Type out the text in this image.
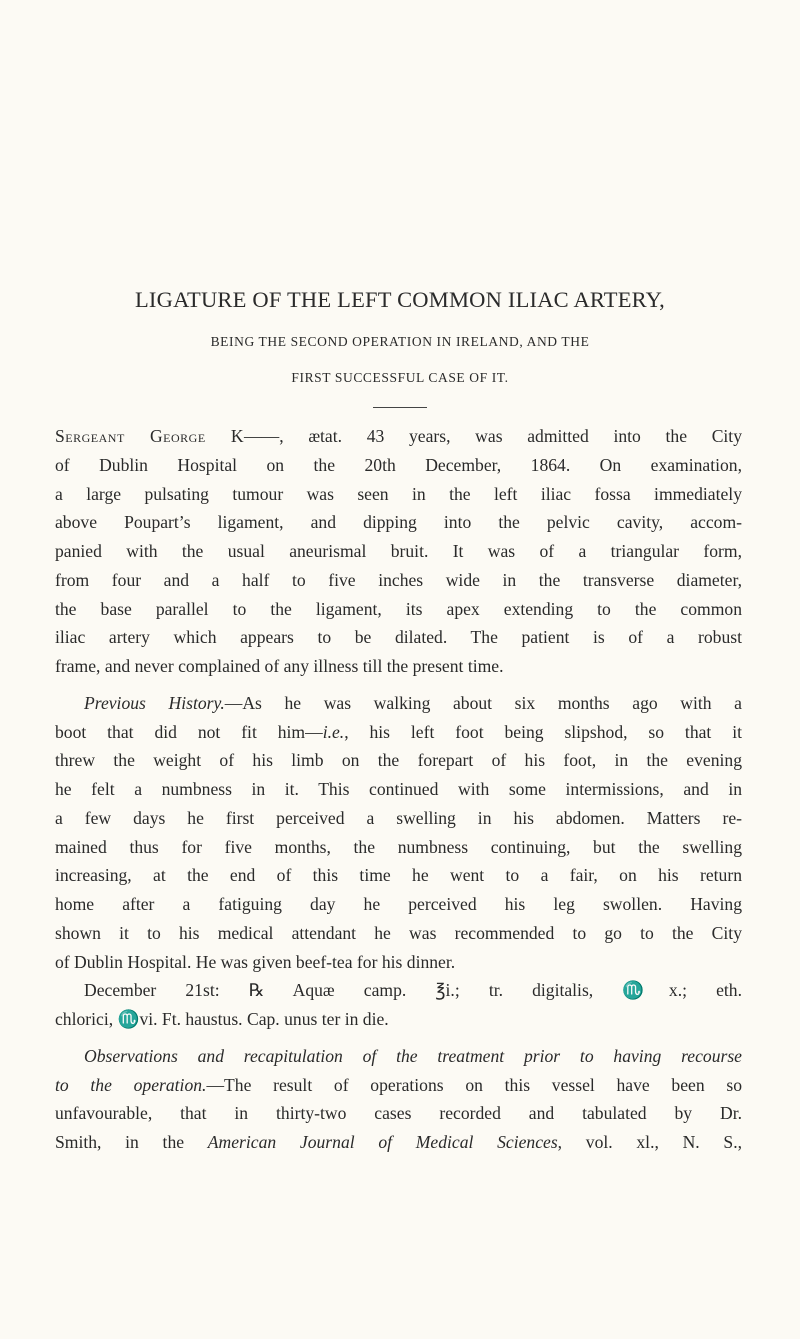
LIGATURE OF THE LEFT COMMON ILIAC ARTERY,
BEING THE SECOND OPERATION IN IRELAND, AND THE
FIRST SUCCESSFUL CASE OF IT.
Sergeant George K——, ætat. 43 years, was admitted into the City
of Dublin Hospital on the 20th December, 1864. On examination,
a large pulsating tumour was seen in the left iliac fossa immediately
above Poupart’s ligament, and dipping into the pelvic cavity, accom-
panied with the usual aneurismal bruit. It was of a triangular form,
from four and a half to five inches wide in the transverse diameter,
the base parallel to the ligament, its apex extending to the common
iliac artery which appears to be dilated. The patient is of a robust
frame, and never complained of any illness till the present time.
Previous History.—As he was walking about six months ago with a
boot that did not fit him—i.e., his left foot being slipshod, so that it
threw the weight of his limb on the forepart of his foot, in the evening
he felt a numbness in it. This continued with some intermissions, and in
a few days he first perceived a swelling in his abdomen. Matters re-
mained thus for five months, the numbness continuing, but the swelling
increasing, at the end of this time he went to a fair, on his return
home after a fatiguing day he perceived his leg swollen. Having
shown it to his medical attendant he was recommended to go to the City
of Dublin Hospital. He was given beef-tea for his dinner.
December 21st: ℞ Aquæ camp. ℥i.; tr. digitalis, ♏x.; eth.
chlorici, ♏vi. Ft. haustus. Cap. unus ter in die.
Observations and recapitulation of the treatment prior to having recourse
to the operation.—The result of operations on this vessel have been so
unfavourable, that in thirty-two cases recorded and tabulated by Dr.
Smith, in the American Journal of Medical Sciences, vol. xl., N. S.,
